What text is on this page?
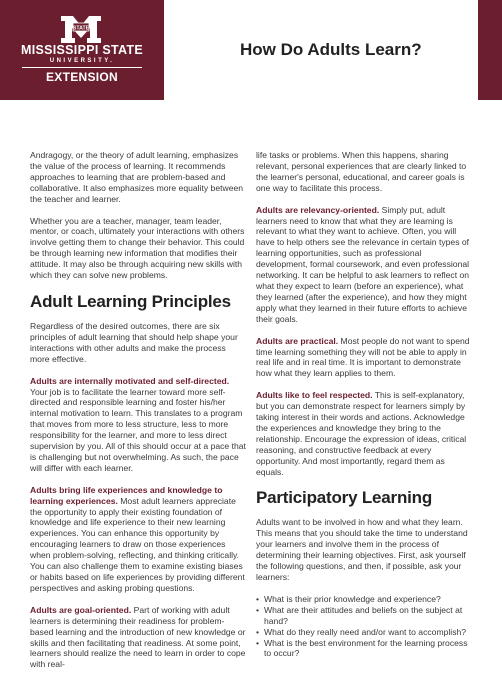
STATE
MISSISSIPPI STATE
UNIVERSITY.
EXTENSION
How Do Adults Learn?

Andragogy, or the theory of adult learning, emphasizes the value of the process of learning. It recommends approaches to learning that are problem-based and collaborative. It also emphasizes more equality between the teacher and learner.

Whether you are a teacher, manager, team leader, mentor, or coach, ultimately your interactions with others involve getting them to change their behavior. This could be through learning new information that modifies their attitude. It may also be through acquiring new skills with which they can solve new problems.

Adult Learning Principles

Regardless of the desired outcomes, there are six principles of adult learning that should help shape your interactions with other adults and make the process more effective.

Adults are internally motivated and self-directed. Your job is to facilitate the learner toward more self-directed and responsible learning and foster his/her internal motivation to learn. This translates to a program that moves from more to less structure, less to more responsibility for the learner, and more to less direct supervision by you. All of this should occur at a pace that is challenging but not overwhelming. As such, the pace will differ with each learner.

Adults bring life experiences and knowledge to learning experiences. Most adult learners appreciate the opportunity to apply their existing foundation of knowledge and life experience to their new learning experiences. You can enhance this opportunity by encouraging learners to draw on those experiences when problem-solving, reflecting, and thinking critically. You can also challenge them to examine existing biases or habits based on life experiences by providing different perspectives and asking probing questions.

Adults are goal-oriented. Part of working with adult learners is determining their readiness for problem-based learning and the introduction of new knowledge or skills and then facilitating that readiness. At some point, learners should realize the need to learn in order to cope with real-

life tasks or problems. When this happens, sharing relevant, personal experiences that are clearly linked to the learner's personal, educational, and career goals is one way to facilitate this process.

Adults are relevancy-oriented. Simply put, adult learners need to know that what they are learning is relevant to what they want to achieve. Often, you will have to help others see the relevance in certain types of learning opportunities, such as professional development, formal coursework, and even professional networking. It can be helpful to ask learners to reflect on what they expect to learn (before an experience), what they learned (after the experience), and how they might apply what they learned in their future efforts to achieve their goals.

Adults are practical. Most people do not want to spend time learning something they will not be able to apply in real life and in real time. It is important to demonstrate how what they learn applies to them.

Adults like to feel respected. This is self-explanatory, but you can demonstrate respect for learners simply by taking interest in their words and actions. Acknowledge the experiences and knowledge they bring to the relationship. Encourage the expression of ideas, critical reasoning, and constructive feedback at every opportunity. And most importantly, regard them as equals.

Participatory Learning

Adults want to be involved in how and what they learn. This means that you should take the time to understand your learners and involve them in the process of determining their learning objectives. First, ask yourself the following questions, and then, if possible, ask your learners:

• What is their prior knowledge and experience?
• What are their attitudes and beliefs on the subject at hand?
• What do they really need and/or want to accomplish?
• What is the best environment for the learning process to occur?
